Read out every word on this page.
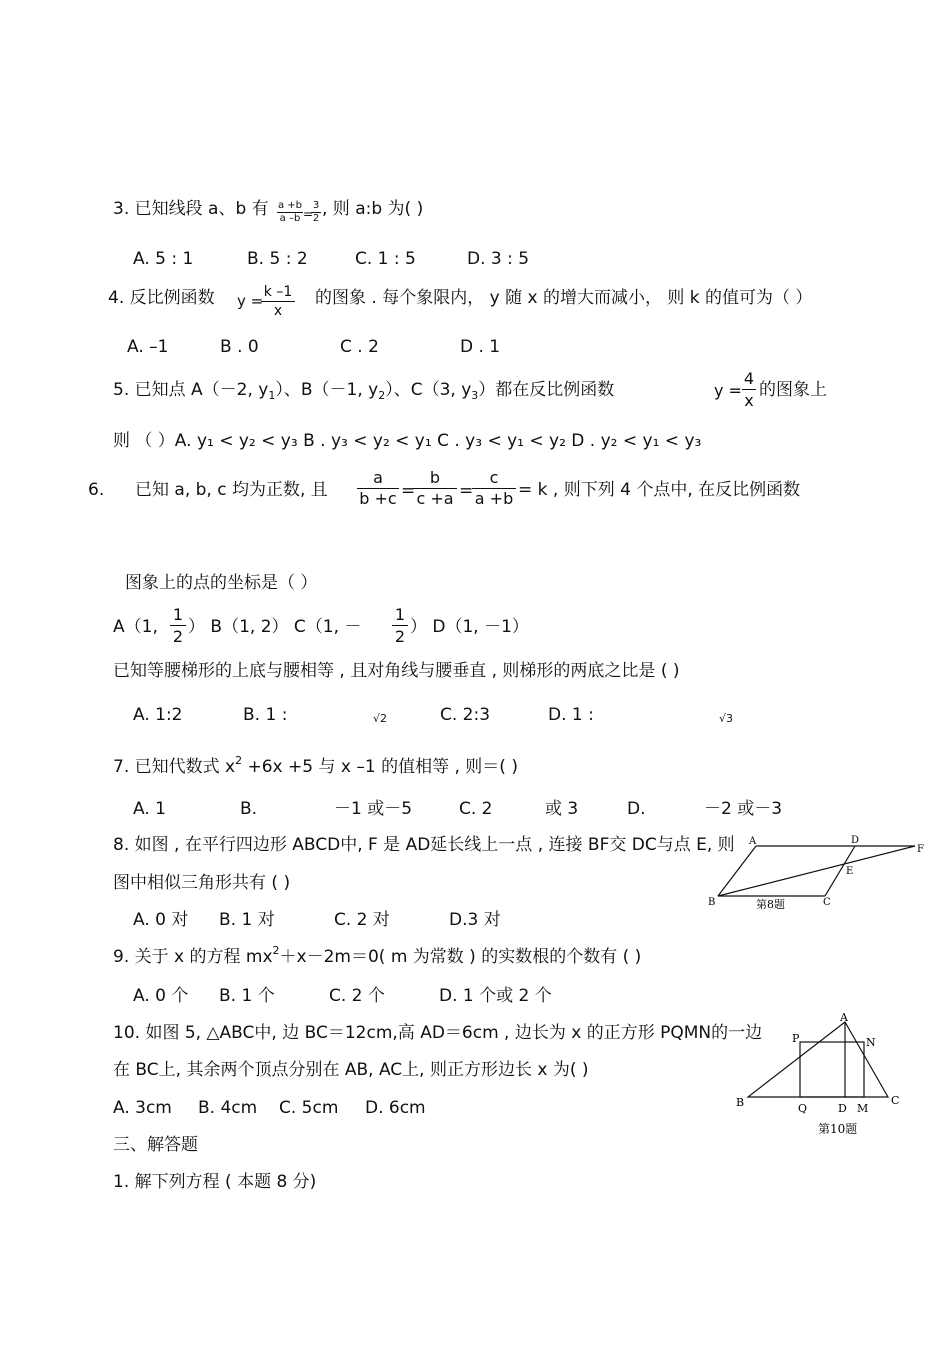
3. 已知线段 a、b 有 $\frac{a +b}{a -b}$ =
$\frac{3}{2}$ , 则 a:b 为( )
A. 5 : 1	B. 5 : 2	C. 1 : 5	D. 3 : 5
4. 反比例函数 y =
$\frac{k -1}{x}$ 的图象 . 每个象限内， y 随 x 的增大而减小， 则 k 的值可为（ ）
A. –1	B . 0	C . 2	D . 1
5. 已知点 A（－2, $y_1$）、B（－1, $y_2$）、C（3, $y_3$）都在反比例函数	$y = \frac{4}{x}$ 的图象上
则 （ ）A. y₁ < y₂ < y₃ B . y₃ < y₂ < y₁ C . y₃ < y₁ < y₂ D . y₂ < y₁ < y₃
6. 已知 a, b, c 均为正数, 且 $\frac{a}{b +c}$ =
$\frac{b}{c +a}$ =
$\frac{c}{a +b} = k$ , 则下列 4 个点中, 在反比例函数
图象上的点的坐标是（ ）
A（1, $\frac{1}{2}$ ） B（1, 2） C（1, － $\frac{1}{2}$ ） D（1, －1）
已知等腰梯形的上底与腰相等 , 且对角线与腰垂直 , 则梯形的两底之比是 ( )
A. 1:2	B. 1 :	√2	C. 2:3	D. 1 :	√3
7. 已知代数式 $x^2 +6x +5$ 与 x –1 的值相等 , 则＝( )
A. 1	B.	－1 或－5	C. 2	或 3	D.	－2 或－3
8. 如图 , 在平行四边形 ABCD中, F 是 AD延长线上一点 , 连接 BF交 DC与点 E, 则
图中相似三角形共有 ( )
A. 0 对 B. 1 对	C. 2 对	D.3 对
A	D
F
E
B	C
第8题
9. 关于 x 的方程 $mx^2+x-2m=0$( m 为常数 ) 的实数根的个数有 ( )
A. 0 个 B. 1 个	C. 2 个	D. 1 个或 2 个
10. 如图 5, △ABC中, 边 BC＝12cm,高 AD＝6cm , 边长为 x 的正方形 PQMN的一边
在 BC上, 其余两个顶点分别在 AB, AC上, 则正方形边长 x 为( )
A. 3cm B. 4cm C. 5cm D. 6cm
A
P	N
B	Q	D M
C
第10题
三、解答题
1. 解下列方程 ( 本题 8 分)
